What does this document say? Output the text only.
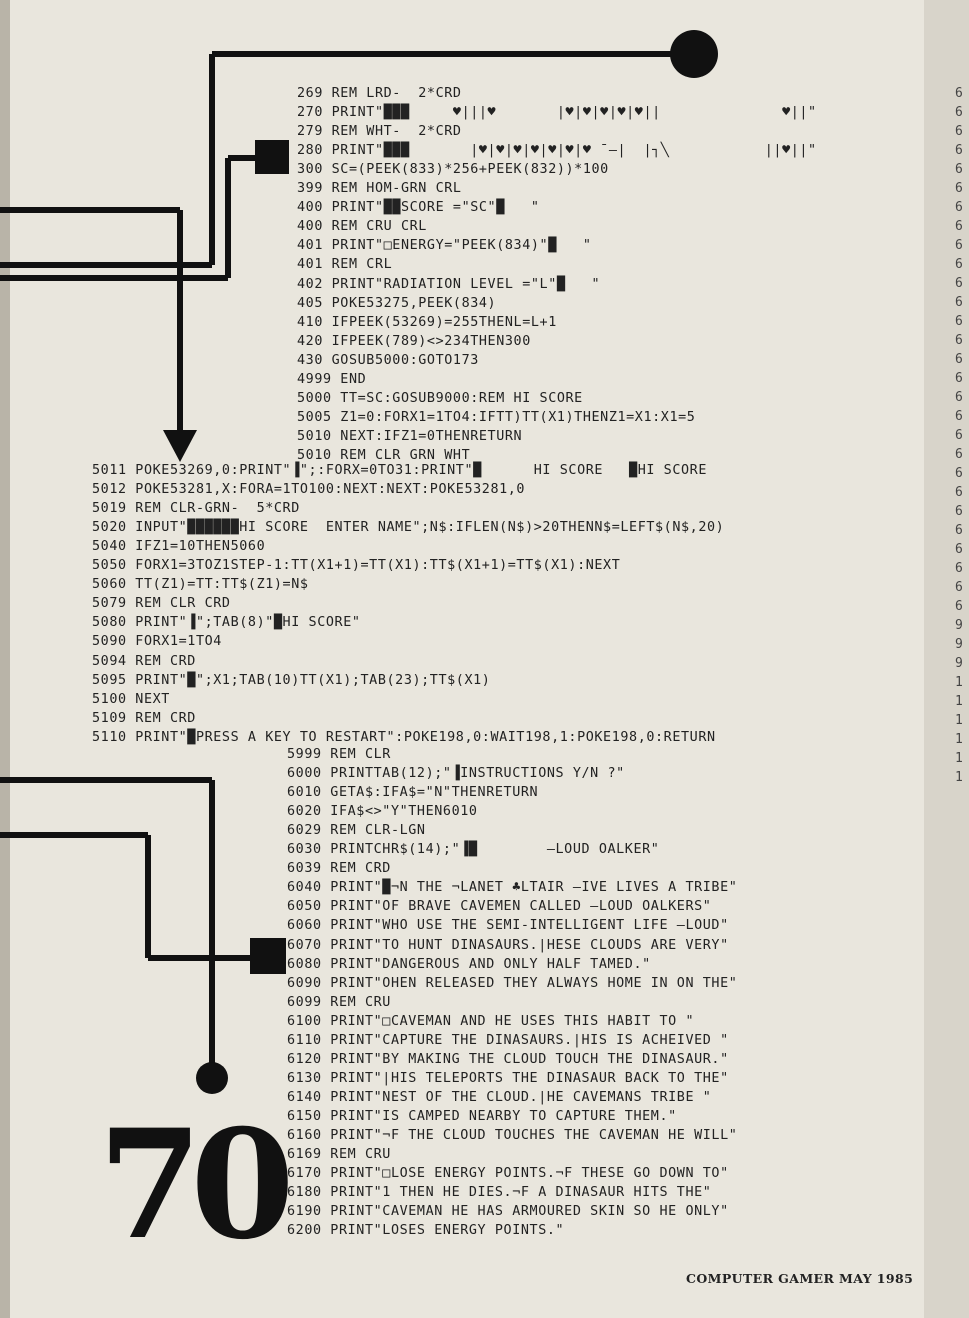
6
6
6
6
6
6
6
6
6
6
6
6
6
6
6
6
6
6
6
6
6
6
6
6
6
6
6
6
9
9
9
1
1
1
1
1
1
269 REM LRD-  2*CRD
270 PRINT"███     ♥|||♥       |♥|♥|♥|♥|♥||              ♥||"
279 REM WHT-  2*CRD
280 PRINT"███       |♥|♥|♥|♥|♥|♥|♥ ¯—|  |┐╲           ||♥||"
300 SC=(PEEK(833)*256+PEEK(832))*100
399 REM HOM-GRN CRL
400 PRINT"██SCORE ="SC"█   "
400 REM CRU CRL
401 PRINT"□ENERGY="PEEK(834)"█   "
401 REM CRL
402 PRINT"RADIATION LEVEL ="L"█   "
405 POKE53275,PEEK(834)
410 IFPEEK(53269)=255THENL=L+1
420 IFPEEK(789)<>234THEN300
430 GOSUB5000:GOTO173
4999 END
5000 TT=SC:GOSUB9000:REM HI SCORE
5005 Z1=0:FORX1=1TO4:IFTT)TT(X1)THENZ1=X1:X1=5
5010 NEXT:IFZ1=0THENRETURN
5010 REM CLR GRN WHT
5011 POKE53269,0:PRINT"▐";:FORX=0TO31:PRINT"█      HI SCORE   █HI SCORE
5012 POKE53281,X:FORA=1TO100:NEXT:NEXT:POKE53281,0
5019 REM CLR-GRN-  5*CRD
5020 INPUT"██████HI SCORE  ENTER NAME";N$:IFLEN(N$)>20THENN$=LEFT$(N$,20)
5040 IFZ1=10THEN5060
5050 FORX1=3TOZ1STEP-1:TT(X1+1)=TT(X1):TT$(X1+1)=TT$(X1):NEXT
5060 TT(Z1)=TT:TT$(Z1)=N$
5079 REM CLR CRD
5080 PRINT"▐";TAB(8)"█HI SCORE"
5090 FORX1=1TO4
5094 REM CRD
5095 PRINT"█";X1;TAB(10)TT(X1);TAB(23);TT$(X1)
5100 NEXT
5109 REM CRD
5110 PRINT"█PRESS A KEY TO RESTART":POKE198,0:WAIT198,1:POKE198,0:RETURN
5999 REM CLR
6000 PRINTTAB(12);"▐INSTRUCTIONS Y/N ?"
6010 GETA$:IFA$="N"THENRETURN
6020 IFA$<>"Y"THEN6010
6029 REM CLR-LGN
6030 PRINTCHR$(14);"▐█        —LOUD OALKER"
6039 REM CRD
6040 PRINT"█¬N THE ¬LANET ♣LTAIR —IVE LIVES A TRIBE"
6050 PRINT"OF BRAVE CAVEMEN CALLED —LOUD OALKERS"
6060 PRINT"WHO USE THE SEMI-INTELLIGENT LIFE —LOUD"
6070 PRINT"TO HUNT DINASAURS.|HESE CLOUDS ARE VERY"
6080 PRINT"DANGEROUS AND ONLY HALF TAMED."
6090 PRINT"OHEN RELEASED THEY ALWAYS HOME IN ON THE"
6099 REM CRU
6100 PRINT"□CAVEMAN AND HE USES THIS HABIT TO "
6110 PRINT"CAPTURE THE DINASAURS.|HIS IS ACHEIVED "
6120 PRINT"BY MAKING THE CLOUD TOUCH THE DINASAUR."
6130 PRINT"|HIS TELEPORTS THE DINASAUR BACK TO THE"
6140 PRINT"NEST OF THE CLOUD.|HE CAVEMANS TRIBE "
6150 PRINT"IS CAMPED NEARBY TO CAPTURE THEM."
6160 PRINT"¬F THE CLOUD TOUCHES THE CAVEMAN HE WILL"
6169 REM CRU
6170 PRINT"□LOSE ENERGY POINTS.¬F THESE GO DOWN TO"
6180 PRINT"1 THEN HE DIES.¬F A DINASAUR HITS THE"
6190 PRINT"CAVEMAN HE HAS ARMOURED SKIN SO HE ONLY"
6200 PRINT"LOSES ENERGY POINTS."
70
COMPUTER GAMER MAY 1985
